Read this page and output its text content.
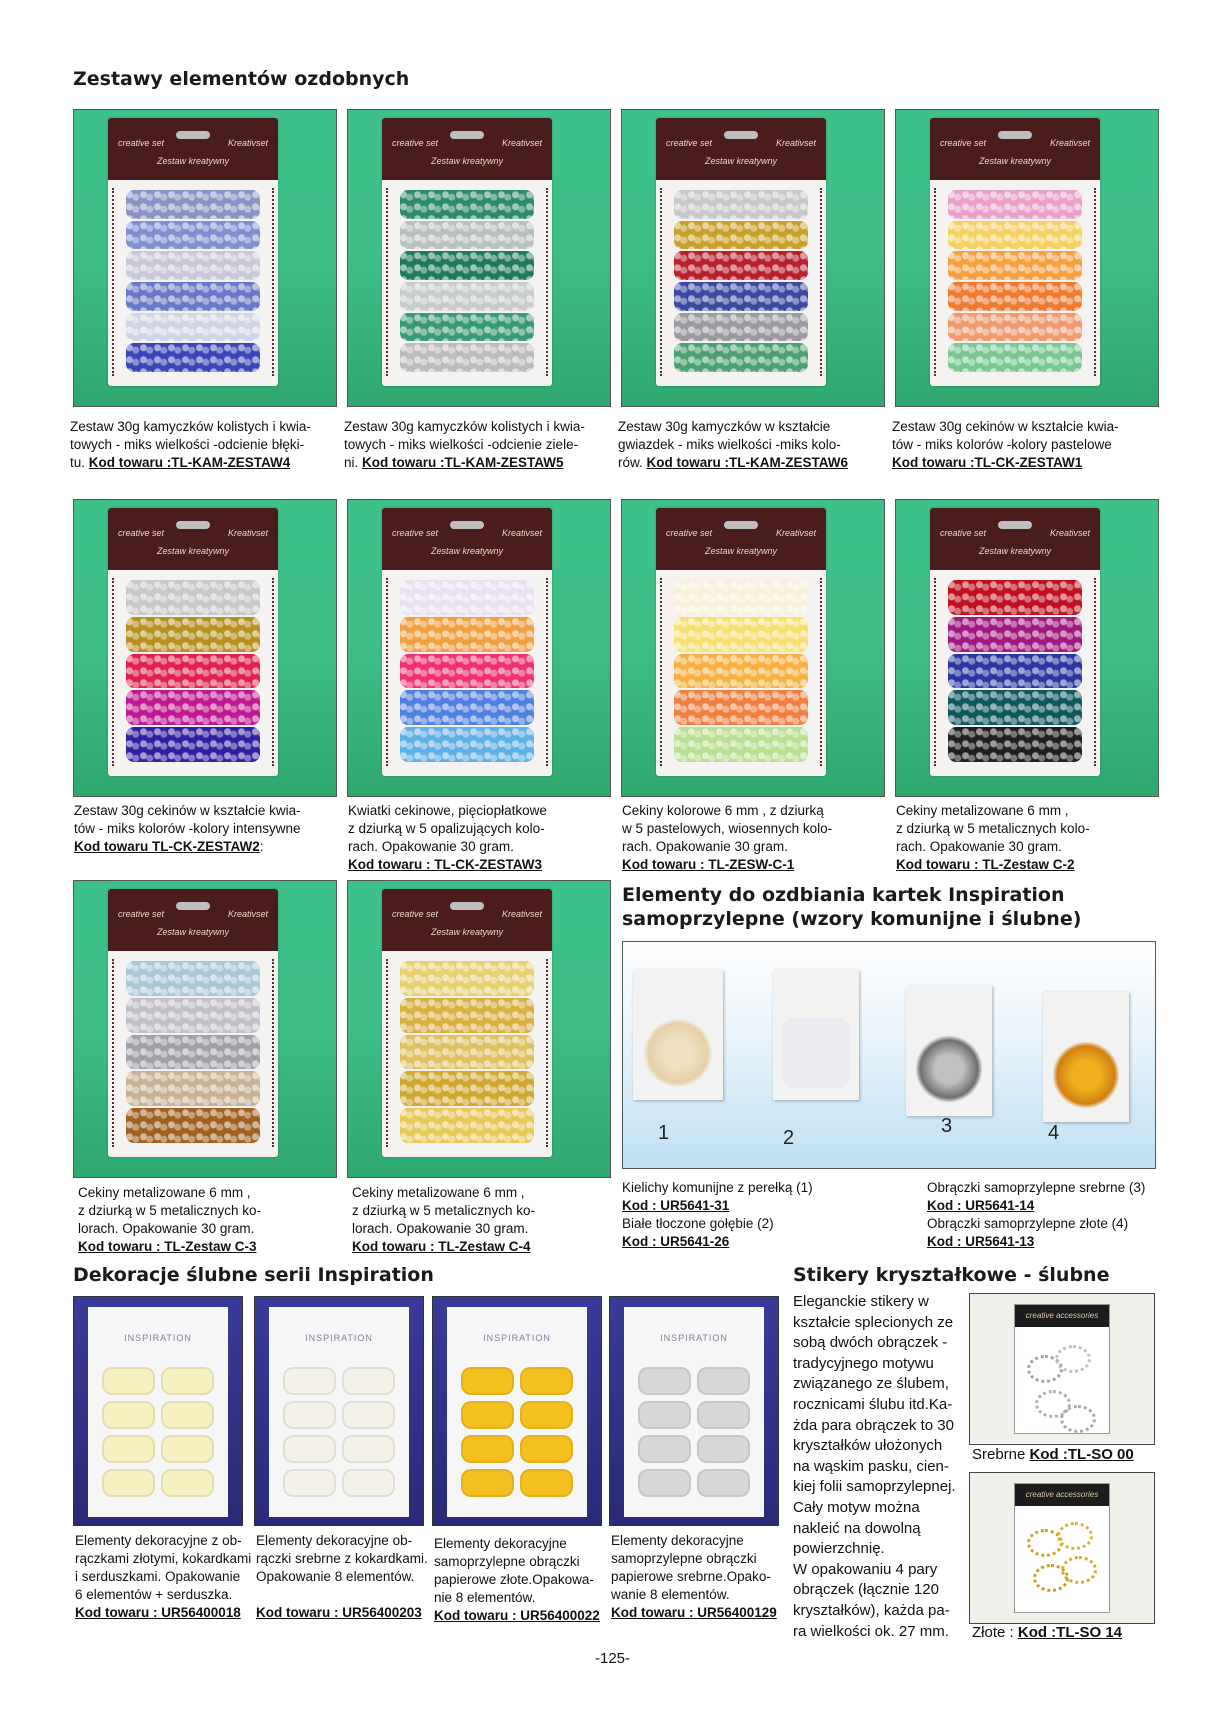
Zestawy elementów ozdobnych
creative set	Kreativset
Zestaw kreatywny
Zestaw 30g kamyczków kolistych i kwia-
towych - miks wielkości -odcienie błęki-
tu. Kod towaru :TL-KAM-ZESTAW4
creative set	Kreativset
Zestaw kreatywny
Zestaw 30g kamyczków kolistych i kwia-
towych - miks wielkości -odcienie ziele-
ni. Kod towaru :TL-KAM-ZESTAW5
creative set	Kreativset
Zestaw kreatywny
Zestaw 30g kamyczków w kształcie
gwiazdek - miks wielkości -miks kolo-
rów. Kod towaru :TL-KAM-ZESTAW6
creative set	Kreativset
Zestaw kreatywny
Zestaw 30g cekinów w kształcie kwia-
tów - miks kolorów -kolory pastelowe
Kod towaru :TL-CK-ZESTAW1
creative set	Kreativset
Zestaw kreatywny
Zestaw 30g cekinów w kształcie kwia-
tów - miks kolorów -kolory intensywne
Kod towaru TL-CK-ZESTAW2:
creative set	Kreativset
Zestaw kreatywny
Kwiatki cekinowe, pięciopłatkowe
z dziurką w 5 opalizujących kolo-
rach. Opakowanie 30 gram.
Kod towaru : TL-CK-ZESTAW3
creative set	Kreativset
Zestaw kreatywny
Cekiny kolorowe 6 mm , z dziurką
w 5 pastelowych, wiosennych kolo-
rach. Opakowanie 30 gram.
Kod towaru : TL-ZESW-C-1
creative set	Kreativset
Zestaw kreatywny
Cekiny metalizowane 6 mm ,
z dziurką w 5 metalicznych kolo-
rach. Opakowanie 30 gram.
Kod towaru : TL-Zestaw C-2
creative set	Kreativset
Zestaw kreatywny
Cekiny metalizowane 6 mm ,
z dziurką w 5 metalicznych ko-
lorach. Opakowanie 30 gram.
Kod towaru : TL-Zestaw C-3
creative set	Kreativset
Zestaw kreatywny
Cekiny metalizowane 6 mm ,
z dziurką w 5 metalicznych ko-
lorach. Opakowanie 30 gram.
Kod towaru : TL-Zestaw C-4
Elementy do ozdbiania kartek Inspiration
samoprzylepne (wzory komunijne i ślubne)
1	2
3	4
Kielichy komunijne z perełką (1)
Kod : UR5641-31
Białe tłoczone gołębie (2)
Kod : UR5641-26
Obrączki samoprzylepne srebrne (3)
Kod : UR5641-14
Obrączki samoprzylepne złote (4)
Kod : UR5641-13
Dekoracje ślubne serii Inspiration
INSPIRATION
Elementy dekoracyjne z ob-
rączkami złotymi, kokardkami
i serduszkami. Opakowanie
6 elementów + serduszka.
Kod towaru : UR56400018
INSPIRATION
Elementy dekoracyjne ob-
rączki srebrne z kokardkami.
Opakowanie 8 elementów.
Kod towaru : UR56400203
INSPIRATION
Elementy dekoracyjne
samoprzylepne obrączki
papierowe złote.Opakowa-
nie 8 elementów.
Kod towaru : UR56400022
INSPIRATION
Elementy dekoracyjne
samoprzylepne obrączki
papierowe srebrne.Opako-
wanie 8 elementów.
Kod towaru : UR56400129
Stikery kryształkowe - ślubne
Eleganckie stikery w
kształcie splecionych ze
sobą dwóch obrączek -
tradycyjnego motywu
związanego ze ślubem,
rocznicami ślubu itd.Ka-
żda para obrączek to 30
kryształków ułożonych
na wąskim pasku, cien-
kiej folii samoprzylepnej.
Cały motyw można
nakleić na dowolną
powierzchnię.
W opakowaniu 4 pary
obrączek (łącznie 120
kryształków), każda pa-
ra wielkości ok. 27 mm.
creative accessories
Srebrne Kod :TL-SO 00
creative accessories
Złote : Kod :TL-SO 14
-125-
